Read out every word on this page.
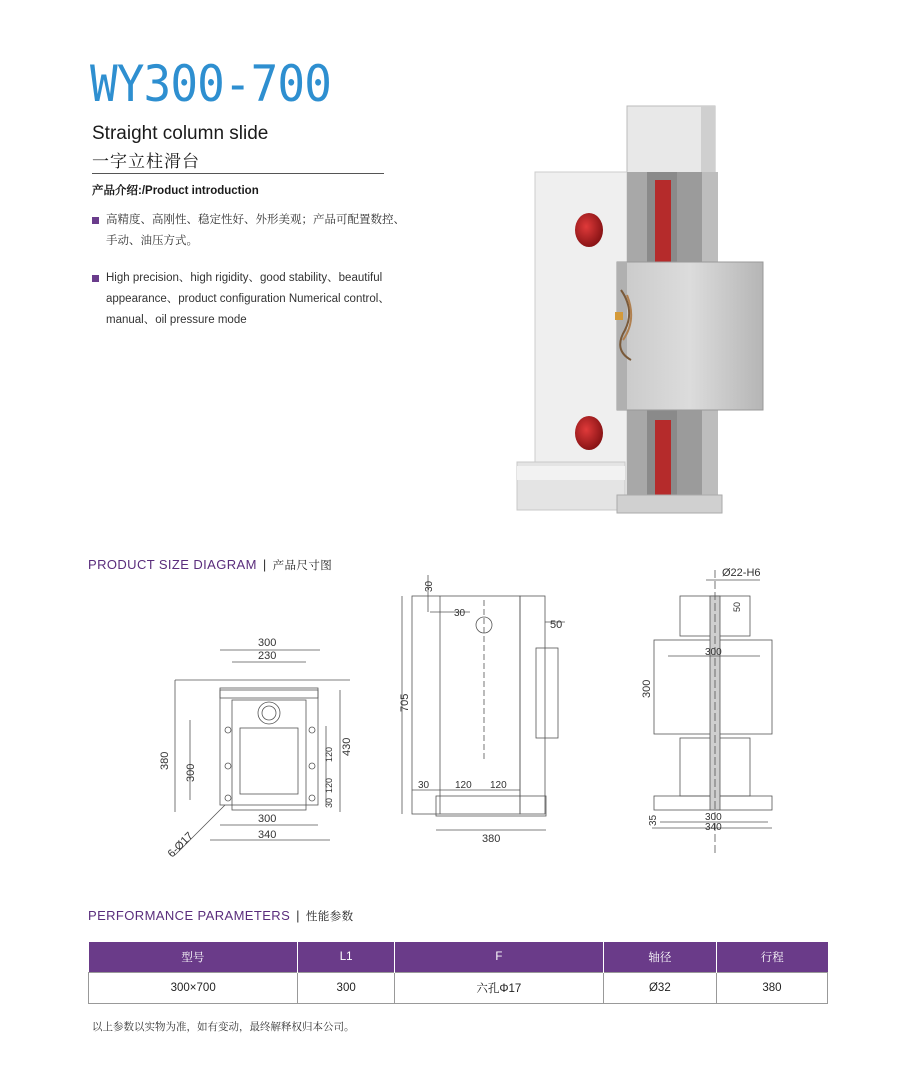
WY300-700
Straight column slide
一字立柱滑台
产品介绍:/Product introduction
高精度、高刚性、稳定性好、外形美观；产品可配置数控、手动、油压方式。
High precision、high rigidity、good stability、beautiful appearance、product configuration Numerical control、manual、oil pressure mode
PRODUCT SIZE DIAGRAM | 产品尺寸图
300
230
380
300
120 430
120
30
300
340
6-Ø17
30
30
50
705
30	120 120
380
Ø22-H6
50
300
300
35	300
340
PERFORMANCE PARAMETERS | 性能参数
型号	L1	F	轴径	行程
300×700	300	六孔Φ17	Ø32	380
以上参数以实物为准，如有变动，最终解释权归本公司。
